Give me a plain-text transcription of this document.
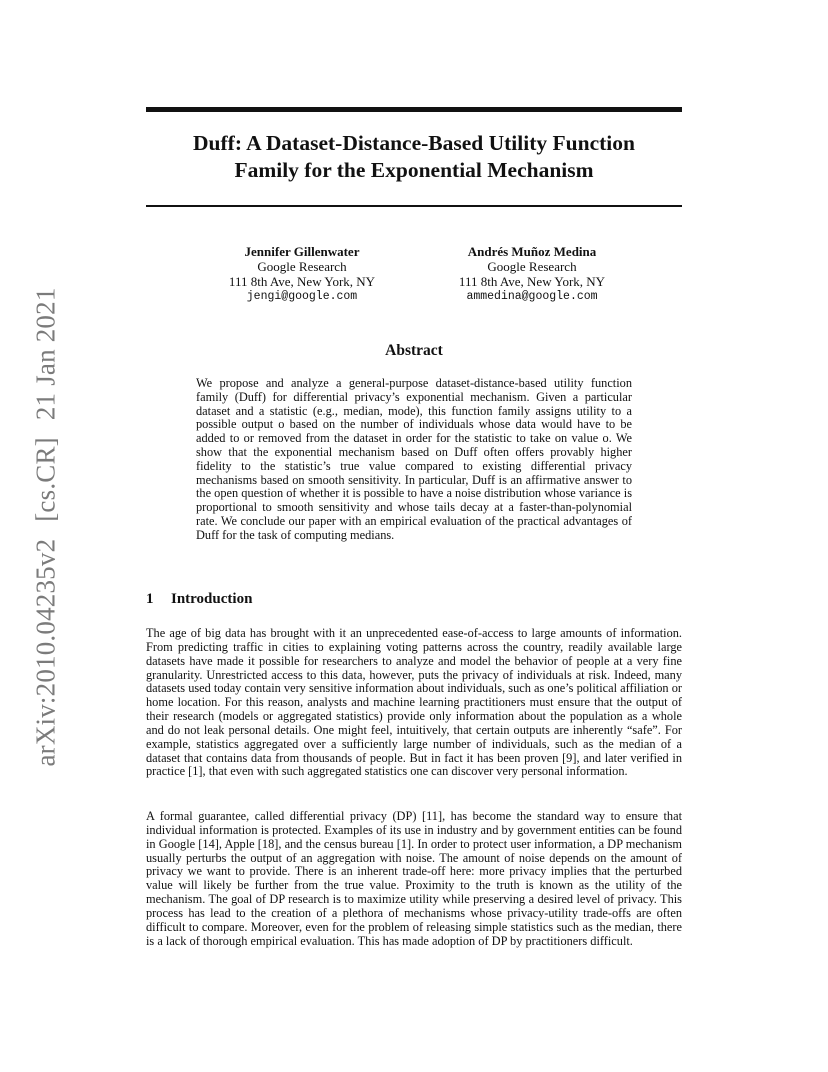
arXiv:2010.04235v2 [cs.CR] 21 Jan 2021
Duff: A Dataset-Distance-Based Utility Function
Family for the Exponential Mechanism
Jennifer Gillenwater
Google Research
111 8th Ave, New York, NY
jengi@google.com
Andrés Muñoz Medina
Google Research
111 8th Ave, New York, NY
ammedina@google.com
Abstract

We propose and analyze a general-purpose dataset-distance-based utility function family (Duff) for differential privacy’s exponential mechanism. Given a particular dataset and a statistic (e.g., median, mode), this function family assigns utility to a possible output o based on the number of individuals whose data would have to be added to or removed from the dataset in order for the statistic to take on value o. We show that the exponential mechanism based on Duff often offers provably higher fidelity to the statistic’s true value compared to existing differential privacy mechanisms based on smooth sensitivity. In particular, Duff is an affirmative answer to the open question of whether it is possible to have a noise distribution whose variance is proportional to smooth sensitivity and whose tails decay at a faster-than-polynomial rate. We conclude our paper with an empirical evaluation of the practical advantages of Duff for the task of computing medians.

1 Introduction

The age of big data has brought with it an unprecedented ease-of-access to large amounts of information. From predicting traffic in cities to explaining voting patterns across the country, readily available large datasets have made it possible for researchers to analyze and model the behavior of people at a very fine granularity. Unrestricted access to this data, however, puts the privacy of individuals at risk. Indeed, many datasets used today contain very sensitive information about individuals, such as one’s political affiliation or home location. For this reason, analysts and machine learning practitioners must ensure that the output of their research (models or aggregated statistics) provide only information about the population as a whole and do not leak personal details. One might feel, intuitively, that certain outputs are inherently “safe”. For example, statistics aggregated over a sufficiently large number of individuals, such as the median of a dataset that contains data from thousands of people. But in fact it has been proven [9], and later verified in practice [1], that even with such aggregated statistics one can discover very personal information.

A formal guarantee, called differential privacy (DP) [11], has become the standard way to ensure that individual information is protected. Examples of its use in industry and by government entities can be found in Google [14], Apple [18], and the census bureau [1]. In order to protect user information, a DP mechanism usually perturbs the output of an aggregation with noise. The amount of noise depends on the amount of privacy we want to provide. There is an inherent trade-off here: more privacy implies that the perturbed value will likely be further from the true value. Proximity to the truth is known as the utility of the mechanism. The goal of DP research is to maximize utility while preserving a desired level of privacy. This process has lead to the creation of a plethora of mechanisms whose privacy-utility trade-offs are often difficult to compare. Moreover, even for the problem of releasing simple statistics such as the median, there is a lack of thorough empirical evaluation. This has made adoption of DP by practitioners difficult.
